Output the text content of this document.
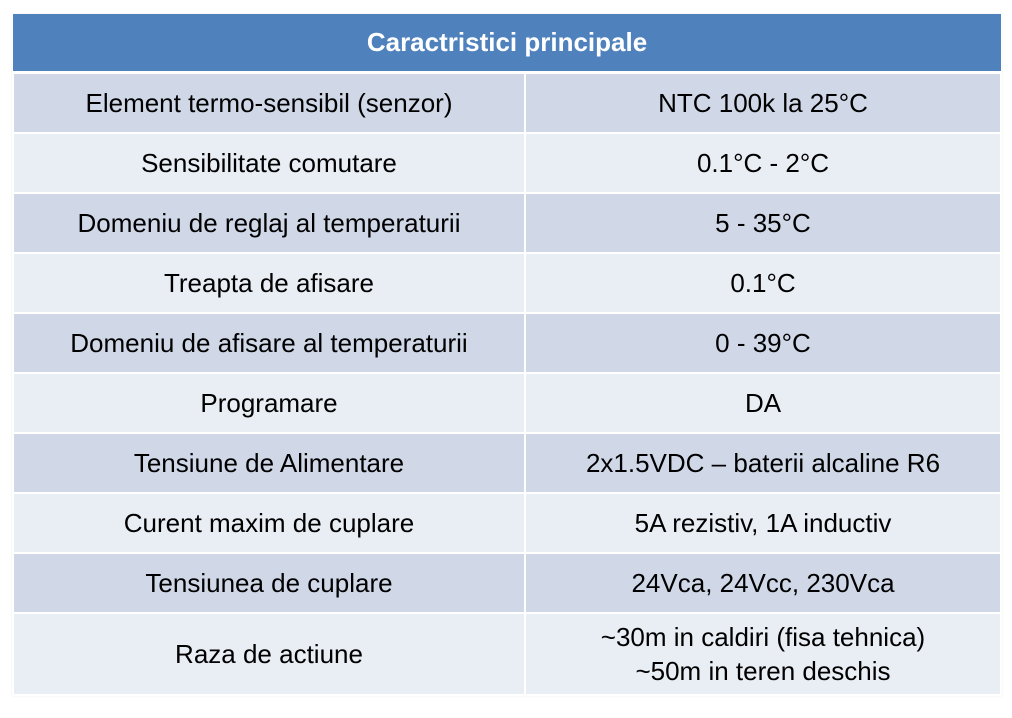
Caractristici principale	
Element termo-sensibil (senzor)	NTC 100k la 25°C
Sensibilitate comutare	0.1°C - 2°C
Domeniu de reglaj al temperaturii	5 - 35°C
Treapta de afisare	0.1°C
Domeniu de afisare al temperaturii	0 - 39°C
Programare	DA
Tensiune de Alimentare	2x1.5VDC – baterii alcaline R6
Curent maxim de cuplare	5A rezistiv, 1A inductiv
Tensiunea de cuplare	24Vca, 24Vcc, 230Vca
Raza de actiune	~30m in caldiri (fisa tehnica)
~50m in teren deschis
